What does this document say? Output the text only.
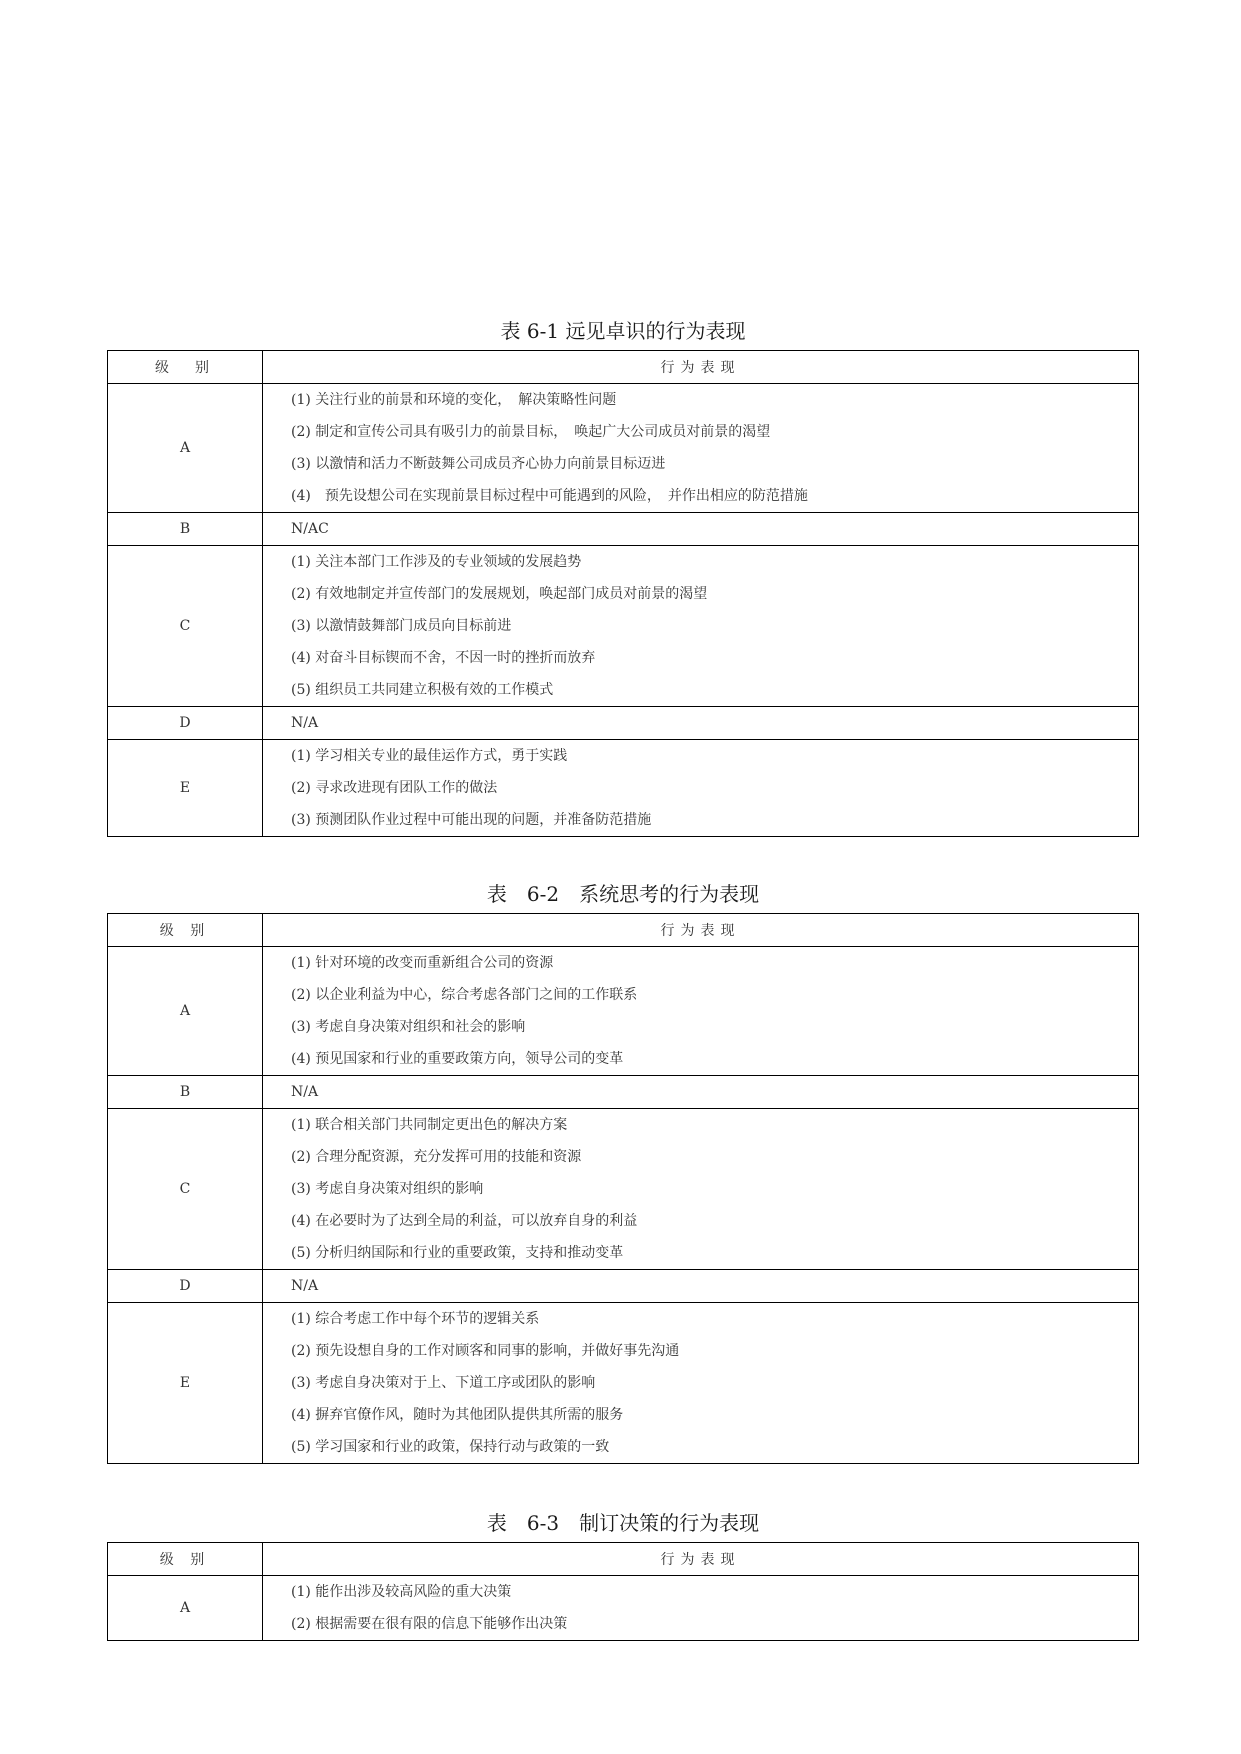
表 6-1 远见卓识的行为表现
级　别	行为表现
A	(1) 关注行业的前景和环境的变化，　解决策略性问题
(2) 制定和宣传公司具有吸引力的前景目标，　唤起广大公司成员对前景的渴望
(3) 以激情和活力不断鼓舞公司成员齐心协力向前景目标迈进
(4)　预先设想公司在实现前景目标过程中可能遇到的风险，　并作出相应的防范措施

B	N/AC

C	(1) 关注本部门工作涉及的专业领域的发展趋势
(2) 有效地制定并宣传部门的发展规划，唤起部门成员对前景的渴望
(3) 以激情鼓舞部门成员向目标前进
(4) 对奋斗目标锲而不舍，不因一时的挫折而放弃
(5) 组织员工共同建立积极有效的工作模式

D	N/A

E	(1) 学习相关专业的最佳运作方式，勇于实践
(2) 寻求改进现有团队工作的做法
(3) 预测团队作业过程中可能出现的问题，并准备防范措施
表　6-2　系统思考的行为表现
级 别	行为表现
A	(1) 针对环境的改变而重新组合公司的资源
(2) 以企业利益为中心，综合考虑各部门之间的工作联系
(3) 考虑自身决策对组织和社会的影响
(4) 预见国家和行业的重要政策方向，领导公司的变革

B	N/A

C	(1) 联合相关部门共同制定更出色的解决方案
(2) 合理分配资源，充分发挥可用的技能和资源
(3) 考虑自身决策对组织的影响
(4) 在必要时为了达到全局的利益，可以放弃自身的利益
(5) 分析归纳国际和行业的重要政策，支持和推动变革

D	N/A

E	(1) 综合考虑工作中每个环节的逻辑关系
(2) 预先设想自身的工作对顾客和同事的影响，并做好事先沟通
(3) 考虑自身决策对于上、下道工序或团队的影响
(4) 摒弃官僚作风，随时为其他团队提供其所需的服务
(5) 学习国家和行业的政策，保持行动与政策的一致
表　6-3　制订决策的行为表现
级 别	行为表现
A	(1) 能作出涉及较高风险的重大决策
(2) 根据需要在很有限的信息下能够作出决策
